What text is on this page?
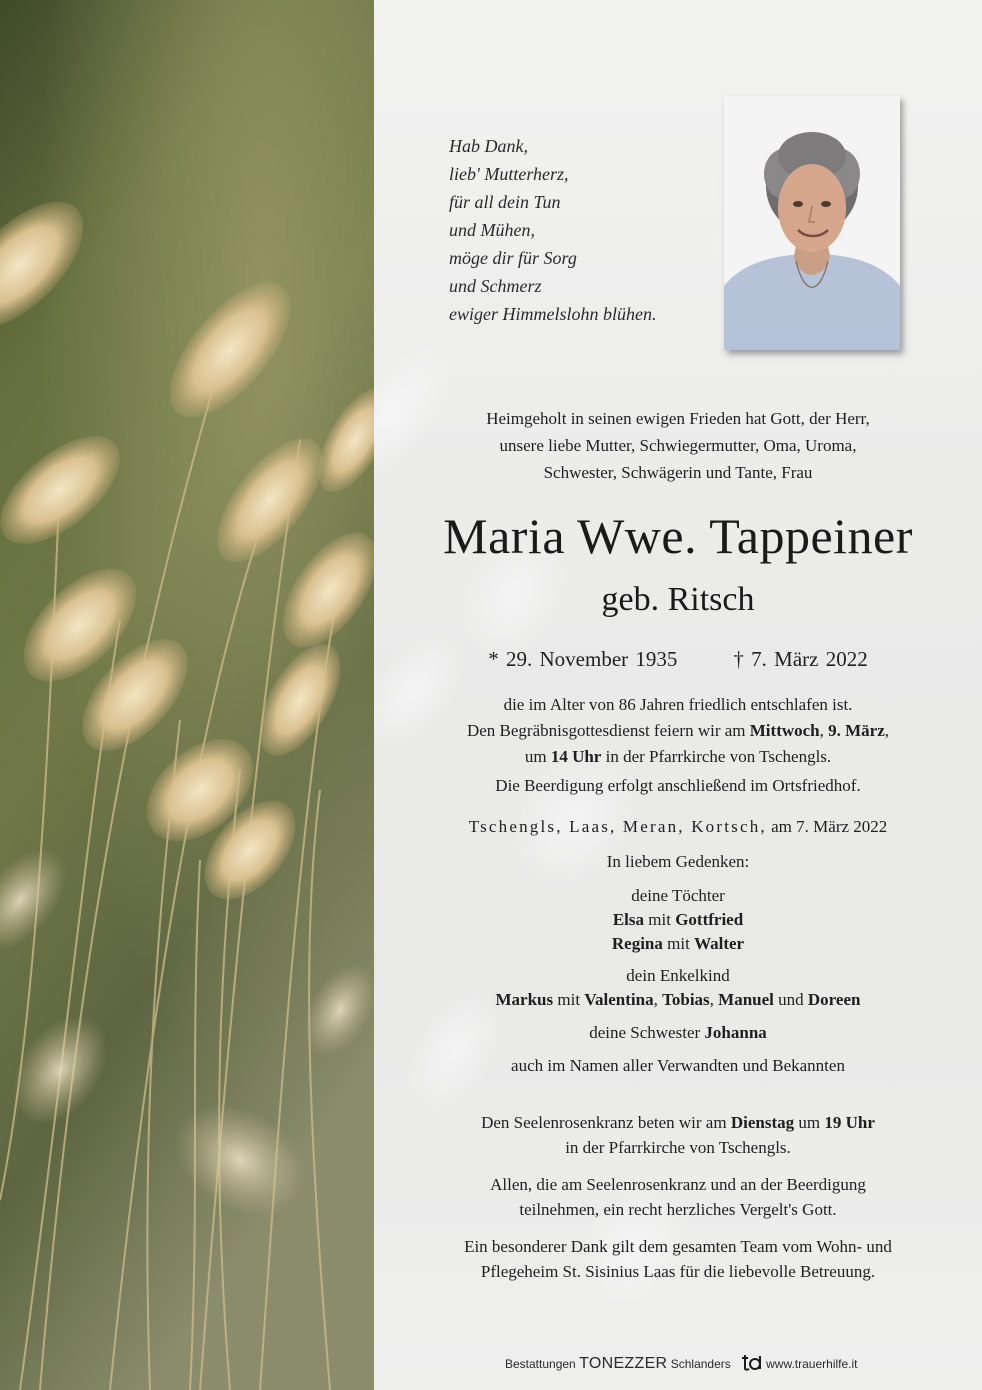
Hab Dank,
lieb' Mutterherz,
für all dein Tun
und Mühen,
möge dir für Sorg
und Schmerz
ewiger Himmelslohn blühen.
Heimgeholt in seinen ewigen Frieden hat Gott, der Herr,
unsere liebe Mutter, Schwiegermutter, Oma, Uroma,
Schwester, Schwägerin und Tante, Frau
Maria Wwe. Tappeiner
geb. Ritsch
* 29. November 1935	† 7. März 2022
die im Alter von 86 Jahren friedlich entschlafen ist.
Den Begräbnisgottesdienst feiern wir am Mittwoch, 9. März,
um 14 Uhr in der Pfarrkirche von Tschengls.
Die Beerdigung erfolgt anschließend im Ortsfriedhof.
Tschengls, Laas, Meran, Kortsch, am 7. März 2022
In liebem Gedenken:
deine Töchter
Elsa mit Gottfried
Regina mit Walter
dein Enkelkind
Markus mit Valentina, Tobias, Manuel und Doreen
deine Schwester Johanna
auch im Namen aller Verwandten und Bekannten
Den Seelenrosenkranz beten wir am Dienstag um 19 Uhr
in der Pfarrkirche von Tschengls.
Allen, die am Seelenrosenkranz und an der Beerdigung
teilnehmen, ein recht herzliches Vergelt's Gott.
Ein besonderer Dank gilt dem gesamten Team vom Wohn- und
Pflegeheim St. Sisinius Laas für die liebevolle Betreuung.
Bestattungen TONEZZER Schlanders	www.trauerhilfe.it
